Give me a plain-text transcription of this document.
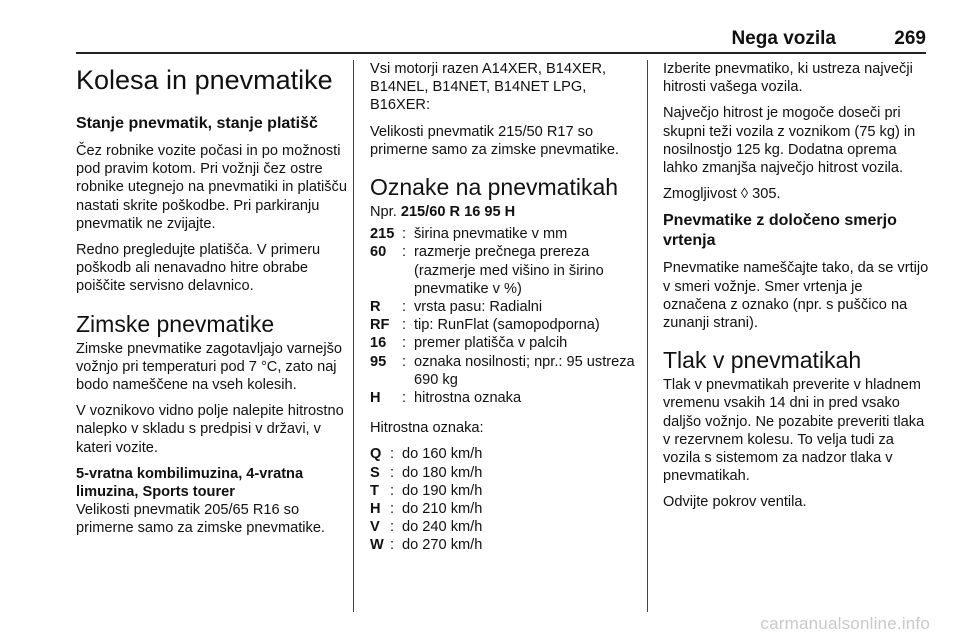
Nega vozila	269
Kolesa in pnevmatike
Stanje pnevmatik, stanje platišč
Čez robnike vozite počasi in po možnosti pod pravim kotom. Pri vožnji čez ostre robnike utegnejo na pnevmatiki in platišču nastati skrite poškodbe. Pri parkiranju pnevmatik ne zvijajte.
Redno pregledujte platišča. V primeru poškodb ali nenavadno hitre obrabe poiščite servisno delavnico.
Zimske pnevmatike
Zimske pnevmatike zagotavljajo varnejšo vožnjo pri temperaturi pod 7 °C, zato naj bodo nameščene na vseh kolesih.
V voznikovo vidno polje nalepite hitrostno nalepko v skladu s predpisi v državi, v kateri vozite.
5-vratna kombilimuzina, 4-vratna limuzina, Sports tourer
Velikosti pnevmatik 205/65 R16 so primerne samo za zimske pnevmatike.
Vsi motorji razen A14XER, B14XER, B14NEL, B14NET, B14NET LPG, B16XER:
Velikosti pnevmatik 215/50 R17 so primerne samo za zimske pnevmatike.
Oznake na pnevmatikah
Npr. 215/60 R 16 95 H
215 : širina pnevmatike v mm
60	: razmerje prečnega prereza (razmerje med višino in širino pnevmatike v %)
R	: vrsta pasu: Radialni
RF : tip: RunFlat (samopodporna)
16	: premer platišča v palcih
95	: oznaka nosilnosti; npr.: 95 ustreza 690 kg
H	: hitrostna oznaka
Hitrostna oznaka:
Q : do 160 km/h
S : do 180 km/h
T : do 190 km/h
H : do 210 km/h
V : do 240 km/h
W : do 270 km/h
Izberite pnevmatiko, ki ustreza največji hitrosti vašega vozila.
Največjo hitrost je mogoče doseči pri skupni teži vozila z voznikom (75 kg) in nosilnostjo 125 kg. Dodatna oprema lahko zmanjša največjo hitrost vozila.
Zmogljivost ◊ 305.
Pnevmatike z določeno smerjo vrtenja
Pnevmatike nameščajte tako, da se vrtijo v smeri vožnje. Smer vrtenja je označena z oznako (npr. s puščico na zunanji strani).
Tlak v pnevmatikah
Tlak v pnevmatikah preverite v hladnem vremenu vsakih 14 dni in pred vsako daljšo vožnjo. Ne pozabite preveriti tlaka v rezervnem kolesu. To velja tudi za vozila s sistemom za nadzor tlaka v pnevmatikah.
Odvijte pokrov ventila.
carmanualsonline.info
